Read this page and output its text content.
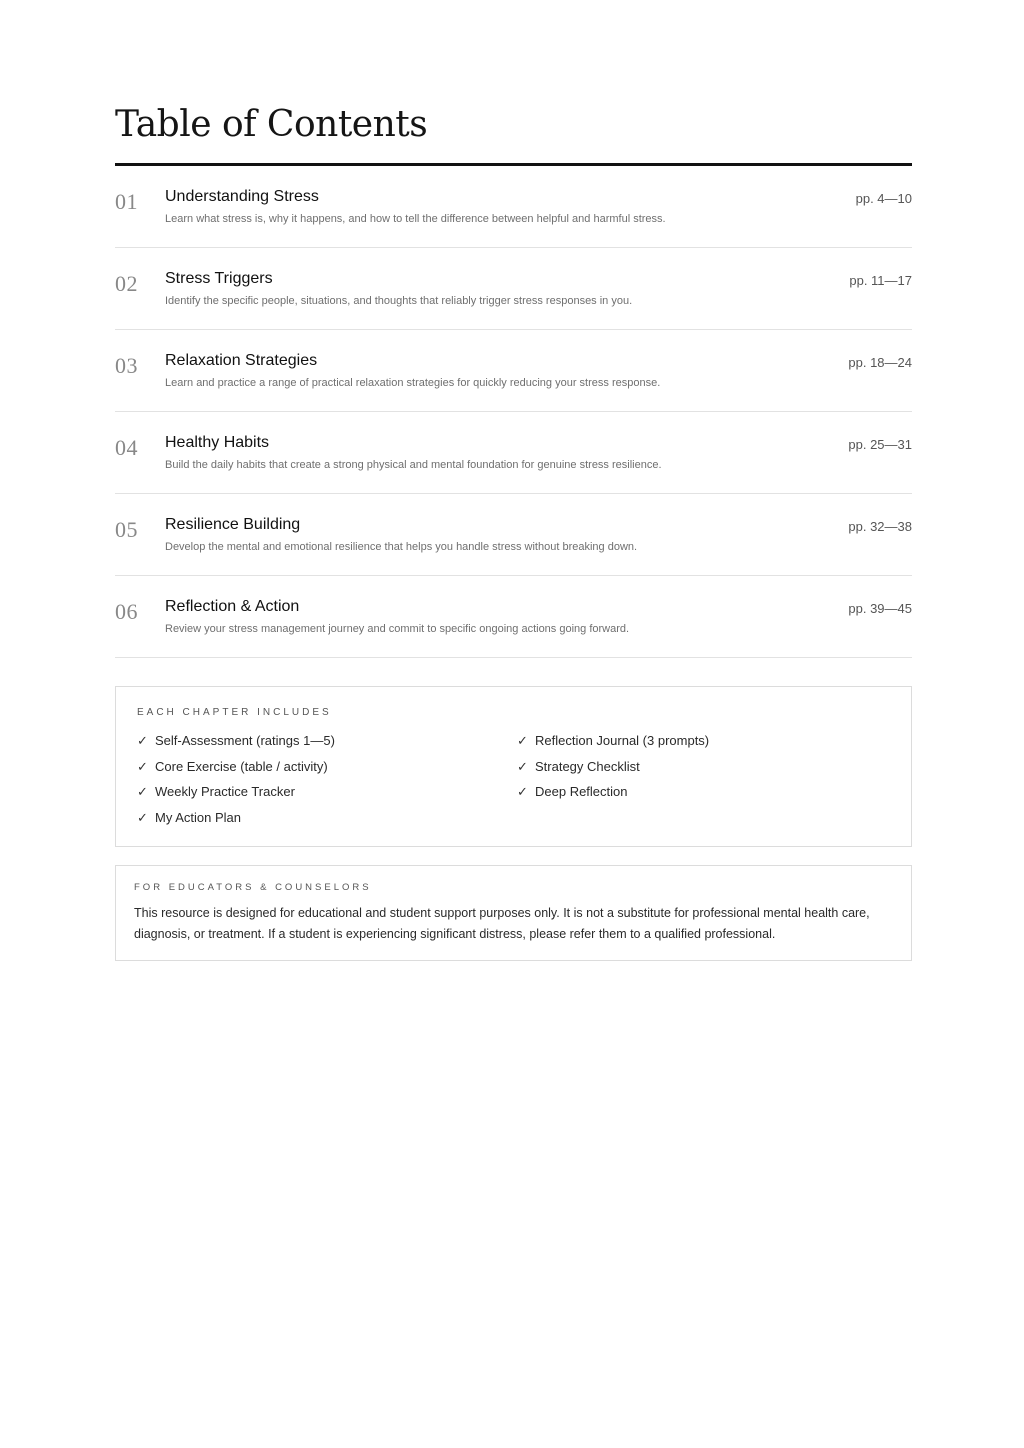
Table of Contents
01 Understanding Stress
Learn what stress is, why it happens, and how to tell the difference between helpful and harmful stress.
pp. 4—10
02 Stress Triggers
Identify the specific people, situations, and thoughts that reliably trigger stress responses in you.
pp. 11—17
03 Relaxation Strategies
Learn and practice a range of practical relaxation strategies for quickly reducing your stress response.
pp. 18—24
04 Healthy Habits
Build the daily habits that create a strong physical and mental foundation for genuine stress resilience.
pp. 25—31
05 Resilience Building
Develop the mental and emotional resilience that helps you handle stress without breaking down.
pp. 32—38
06 Reflection & Action
Review your stress management journey and commit to specific ongoing actions going forward.
pp. 39—45
EACH CHAPTER INCLUDES
✓ Self-Assessment (ratings 1—5)
✓ Core Exercise (table / activity)
✓ Weekly Practice Tracker
✓ My Action Plan
✓ Reflection Journal (3 prompts)
✓ Strategy Checklist
✓ Deep Reflection
FOR EDUCATORS & COUNSELORS
This resource is designed for educational and student support purposes only. It is not a substitute for professional mental health care, diagnosis, or treatment. If a student is experiencing significant distress, please refer them to a qualified professional.
